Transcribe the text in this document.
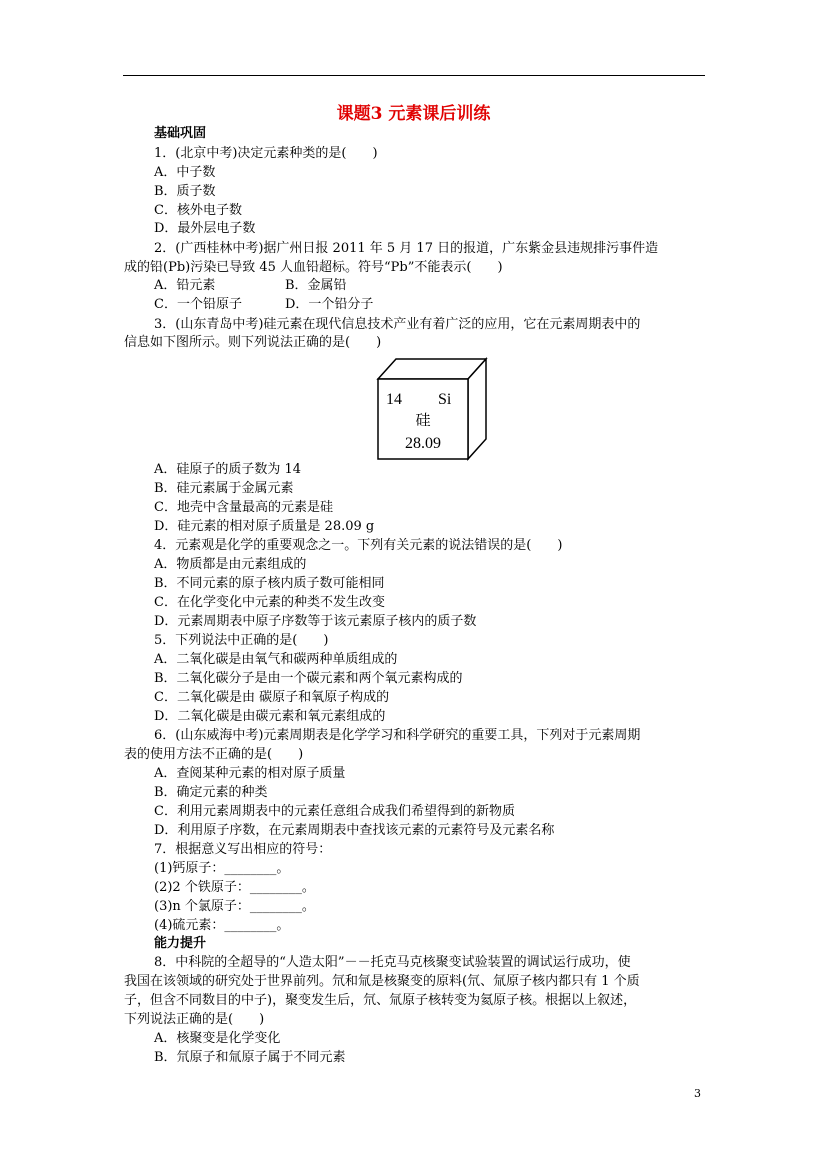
课题3 元素课后训练
基础巩固
1．(北京中考)决定元素种类的是(　　)
A．中子数
B．质子数
C．核外电子数
D．最外层电子数
2．(广西桂林中考)据广州日报 2011 年 5 月 17 日的报道，广东紫金县违规排污事件造
成的铅(Pb)污染已导致 45 人血铅超标。符号“Pb”不能表示(　　)
A．铅元素	B．金属铅
C．一个铅原子	D．一个铅分子
3．(山东青岛中考)硅元素在现代信息技术产业有着广泛的应用，它在元素周期表中的
信息如下图所示。则下列说法正确的是(　　)
14 Si
硅
28.09
A．硅原子的质子数为 14
B．硅元素属于金属元素
C．地壳中含量最高的元素是硅
D．硅元素的相对原子质量是 28.09 g
4．元素观是化学的重要观念之一。下列有关元素的说法错误的是(　　)
A．物质都是由元素组成的
B．不同元素的原子核内质子数可能相同
C．在化学变化中元素的种类不发生改变
D．元素周期表中原子序数等于该元素原子核内的质子数
5．下列说法中正确的是(　　)
A．二氧化碳是由氧气和碳两种单质组成的
B．二氧化碳分子是由一个碳元素和两个氧元素构成的
C．二氧化碳是由 碳原子和氧原子构成的
D．二氧化碳是由碳元素和氧元素组成的
6．(山东威海中考)元素周期表是化学学习和科学研究的重要工具，下列对于元素周期
表的使用方法不正确的是(　　)
A．查阅某种元素的相对原子质量
B．确定元素的种类
C．利用元素周期表中的元素任意组合成我们希望得到的新物质
D．利用原子序数，在元素周期表中查找该元素的元素符号及元素名称
7．根据意义写出相应的符号：
(1)钙原子：________。
(2)2 个铁原子：________。
(3)n 个氯原子：________。
(4)硫元素：________。
能力提升
8．中科院的全超导的“人造太阳”－－托克马克核聚变试验装置的调试运行成功，使
我国在该领域的研究处于世界前列。氘和氚是核聚变的原料(氘、氚原子核内都只有 1 个质
子，但含不同数目的中子)，聚变发生后，氘、氚原子核转变为氦原子核。根据以上叙述，
下列说法正确的是(　　)
A．核聚变是化学变化
B．氘原子和氚原子属于不同元素
3
